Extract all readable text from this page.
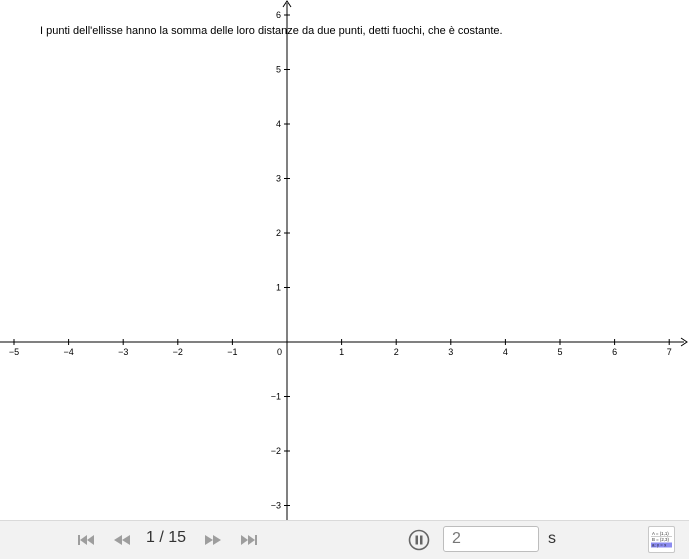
−5	−4	−3	−2	−1	0	1	2	3	4	5	6	7
6
5
4
3
2
1
−1
−2
−3
I punti dell'ellisse hanno la somma delle loro distanze da due punti, detti fuochi, che è costante.
1 / 15
2	s	A = (1,1)
B = (2,3)
a: y = x
